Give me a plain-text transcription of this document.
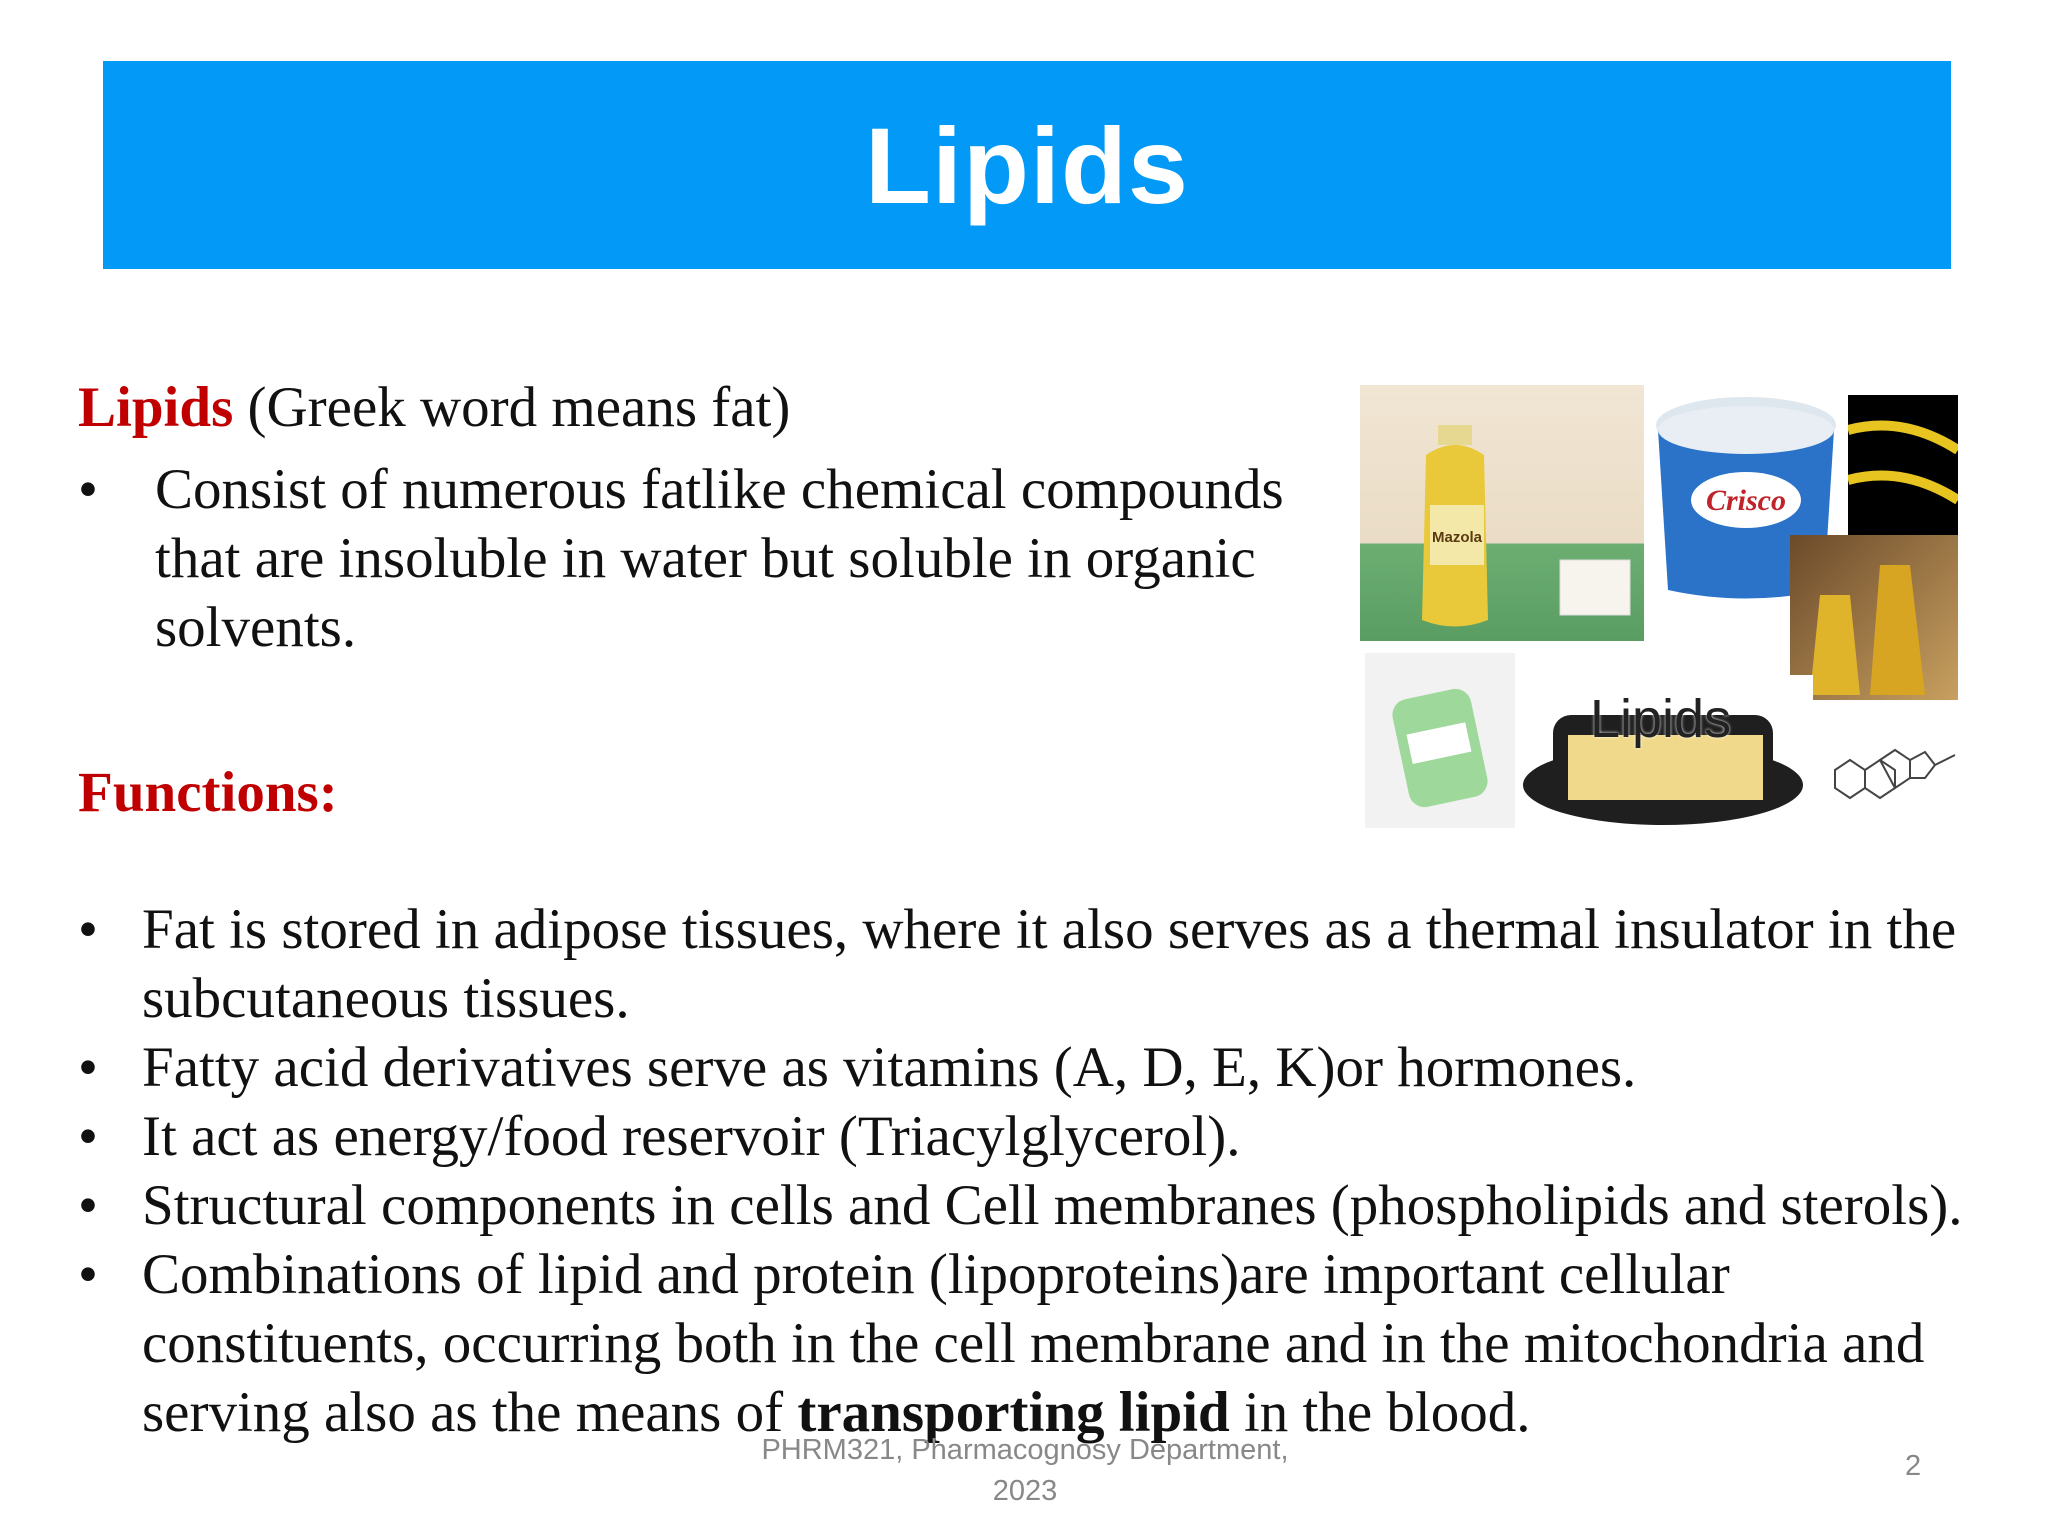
Lipids
Lipids (Greek word means fat)
• Consist of numerous fatlike chemical compounds that are insoluble in water but soluble in organic solvents.
Functions:
• Fat is stored in adipose tissues, where it also serves as a thermal insulator in the subcutaneous tissues.
• Fatty acid derivatives serve as vitamins (A, D, E, K)or hormones.
• It act as energy/food reservoir (Triacylglycerol).
• Structural components in cells and Cell membranes (phospholipids and sterols).
• Combinations of lipid and protein (lipoproteins)are important cellular constituents, occurring both in the cell membrane and in the mitochondria and serving also as the means of transporting lipid in the blood.
Mazola
Crisco
Lipids
PHRM321, Pharmacognosy Department,
2023
2
